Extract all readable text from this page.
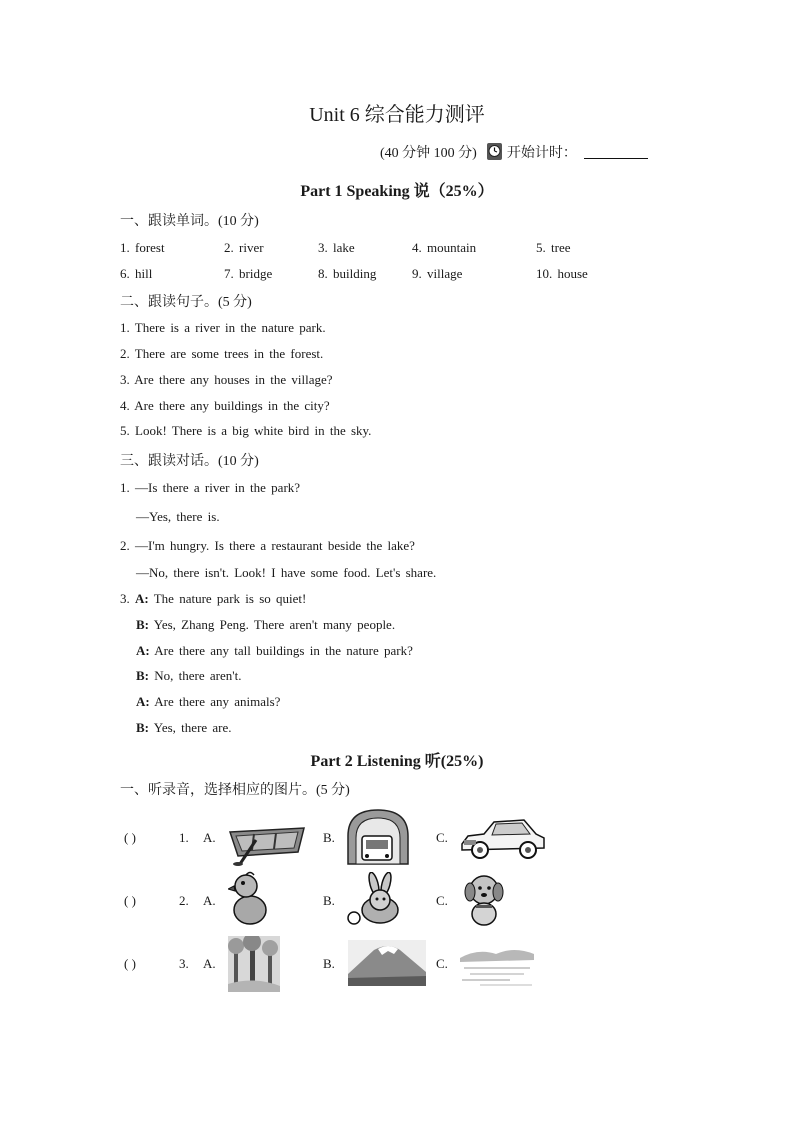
Unit 6 综合能力测评
(40 分钟 100 分) 开始计时：
Part 1 Speaking 说（25%）
一、跟读单词。(10 分)
1. forest	2. river	3. lake	4. mountain	5. tree
6. hill	7. bridge	8. building	9. village	10. house
二、跟读句子。(5 分)
1. There is a river in the nature park.
2. There are some trees in the forest.
3. Are there any houses in the village?
4. Are there any buildings in the city?
5. Look! There is a big white bird in the sky.
三、跟读对话。(10 分)
1. —Is there a river in the park?
—Yes, there is.
2. —I'm hungry. Is there a restaurant beside the lake?
—No, there isn't. Look! I have some food. Let's share.
3. A: The nature park is so quiet!
B: Yes, Zhang Peng. There aren't many people.
A: Are there any tall buildings in the nature park?
B: No, there aren't.
A: Are there any animals?
B: Yes, there are.
Part 2 Listening 听(25%)
一、听录音，选择相应的图片。(5 分)
( )	1. A.	B.	C.
( )	2. A.	B.	C.
( )	3. A.	B.	C.
